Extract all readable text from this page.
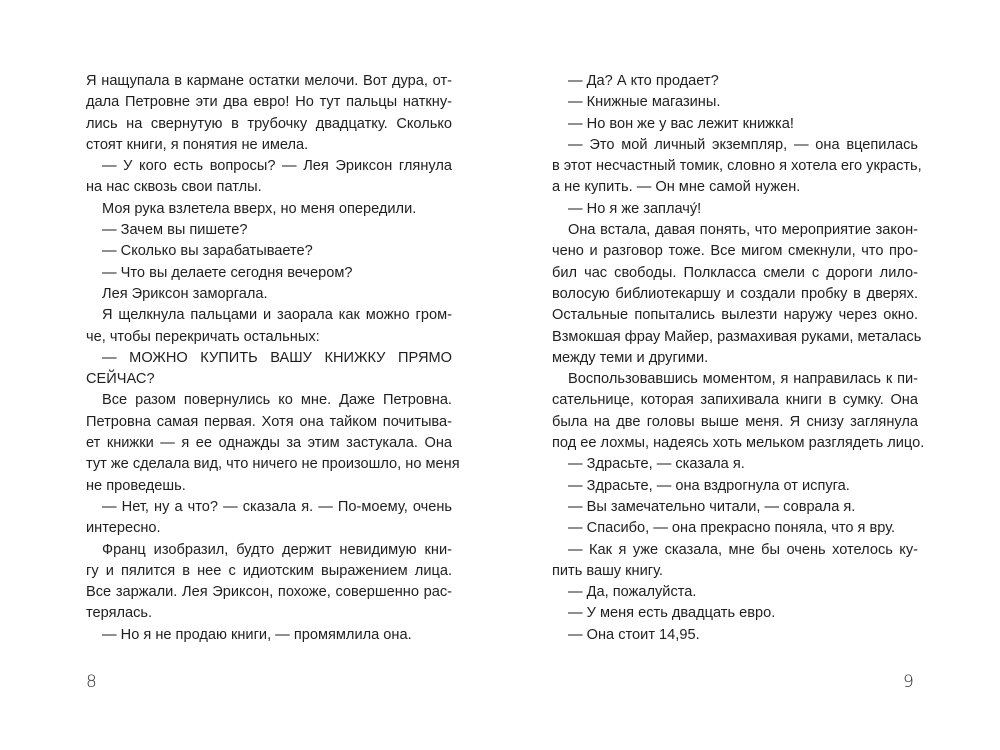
Я нащупала в кармане остатки мелочи. Вот дура, от-
дала Петровне эти два евро! Но тут пальцы наткну-
лись на свернутую в трубочку двадцатку. Сколько
стоят книги, я понятия не имела.
— У кого есть вопросы? — Лея Эриксон глянула
на нас сквозь свои патлы.
Моя рука взлетела вверх, но меня опередили.
— Зачем вы пишете?
— Сколько вы зарабатываете?
— Что вы делаете сегодня вечером?
Лея Эриксон заморгала.
Я щелкнула пальцами и заорала как можно гром-
че, чтобы перекричать остальных:
— МОЖНО КУПИТЬ ВАШУ КНИЖКУ ПРЯМО
СЕЙЧАС?
Все разом повернулись ко мне. Даже Петровна.
Петровна самая первая. Хотя она тайком почитыва-
ет книжки — я ее однажды за этим застукала. Она
тут же сделала вид, что ничего не произошло, но меня
не проведешь.
— Нет, ну а что? — сказала я. — По-моему, очень
интересно.
Франц изобразил, будто держит невидимую кни-
гу и пялится в нее с идиотским выражением лица.
Все заржали. Лея Эриксон, похоже, совершенно рас-
терялась.
— Но я не продаю книги, — промямлила она.
8
— Да? А кто продает?
— Книжные магазины.
— Но вон же у вас лежит книжка!
— Это мой личный экземпляр, — она вцепилась
в этот несчастный томик, словно я хотела его украсть,
а не купить. — Он мне самой нужен.
— Но я же заплачу́!
Она встала, давая понять, что мероприятие закон-
чено и разговор тоже. Все мигом смекнули, что про-
бил час свободы. Полкласса смели с дороги лило-
волосую библиотекаршу и создали пробку в дверях.
Остальные попытались вылезти наружу через окно.
Взмокшая фрау Майер, размахивая руками, металась
между теми и другими.
Воспользовавшись моментом, я направилась к пи-
сательнице, которая запихивала книги в сумку. Она
была на две головы выше меня. Я снизу заглянула
под ее лохмы, надеясь хоть мельком разглядеть лицо.
— Здрасьте, — сказала я.
— Здрасьте, — она вздрогнула от испуга.
— Вы замечательно читали, — соврала я.
— Спасибо, — она прекрасно поняла, что я вру.
— Как я уже сказала, мне бы очень хотелось ку-
пить вашу книгу.
— Да, пожалуйста.
— У меня есть двадцать евро.
— Она стоит 14,95.
9
